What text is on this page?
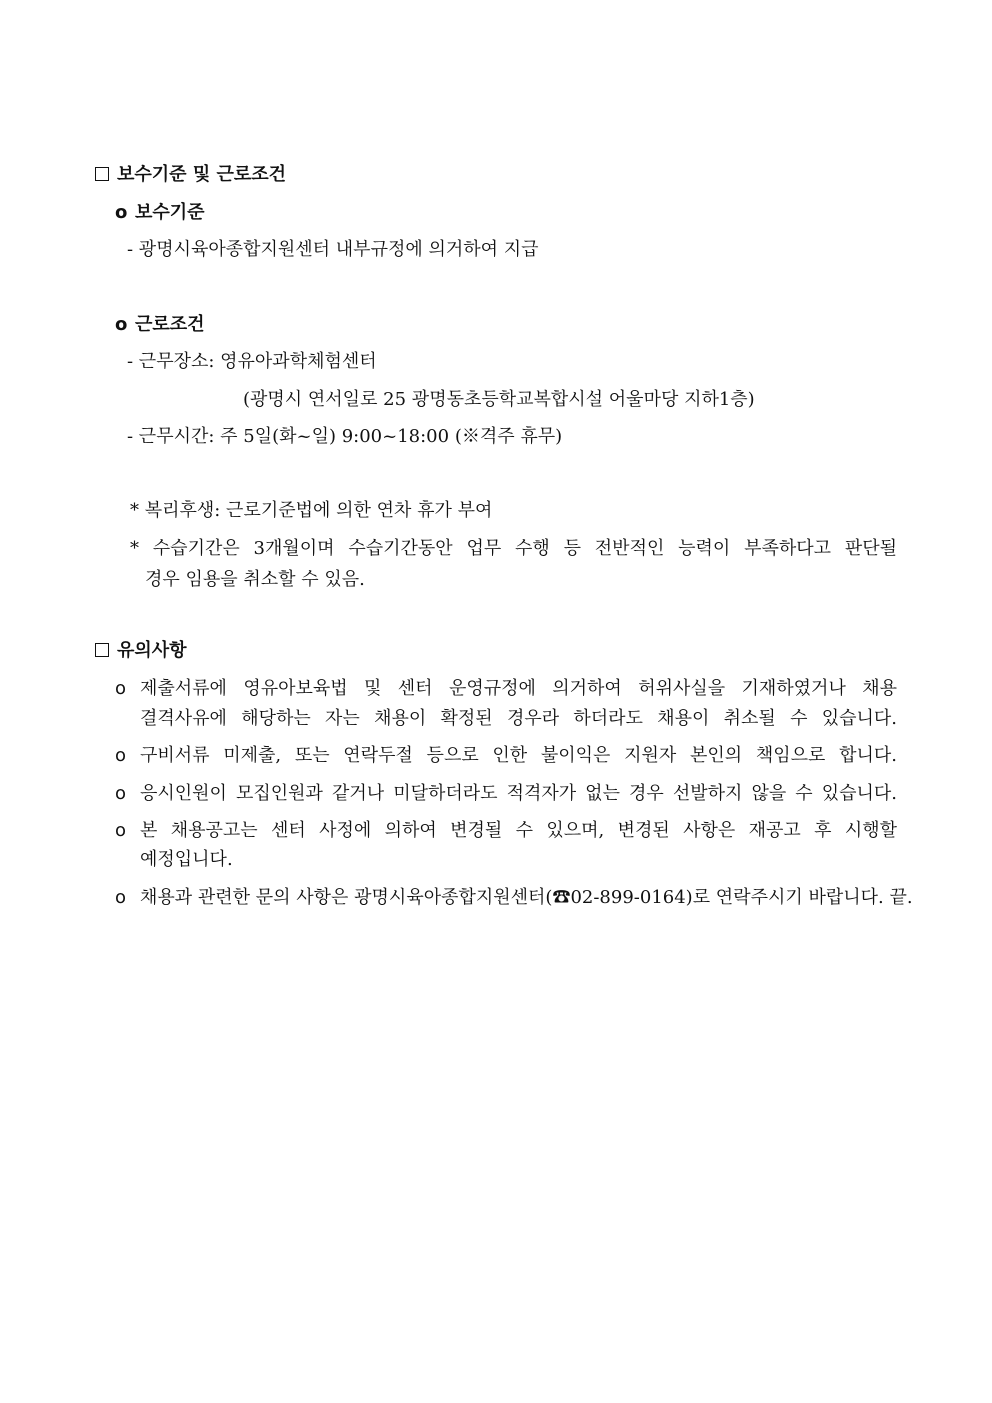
보수기준 및 근로조건
o 보수기준
- 광명시육아종합지원센터 내부규정에 의거하여 지급
o 근로조건
- 근무장소: 영유아과학체험센터
(광명시 연서일로 25 광명동초등학교복합시설 어울마당 지하1층)
- 근무시간: 주 5일(화~일) 9:00~18:00 (※격주 휴무)
* 복리후생: 근로기준법에 의한 연차 휴가 부여
* 수습기간은 3개월이며 수습기간동안 업무 수행 등 전반적인 능력이 부족하다고 판단될
경우 임용을 취소할 수 있음.
유의사항
o 제출서류에 영유아보육법 및 센터 운영규정에 의거하여 허위사실을 기재하였거나 채용
결격사유에 해당하는 자는 채용이 확정된 경우라 하더라도 채용이 취소될 수 있습니다.
o 구비서류 미제출, 또는 연락두절 등으로 인한 불이익은 지원자 본인의 책임으로 합니다.
o 응시인원이 모집인원과 같거나 미달하더라도 적격자가 없는 경우 선발하지 않을 수 있습니다.
o 본 채용공고는 센터 사정에 의하여 변경될 수 있으며, 변경된 사항은 재공고 후 시행할
예정입니다.
o 채용과 관련한 문의 사항은 광명시육아종합지원센터(☎02-899-0164)로 연락주시기 바랍니다. 끝.
